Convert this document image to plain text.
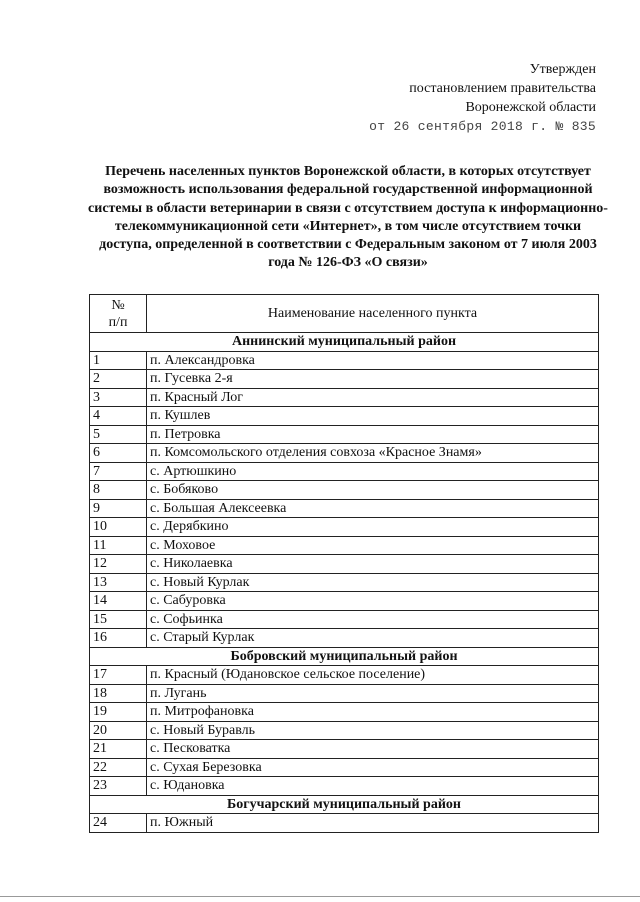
Утвержден
постановлением правительства
Воронежской области
от 26 сентября 2018 г. № 835
Перечень населенных пунктов Воронежской области, в которых отсутствует возможность использования федеральной государственной информационной системы в области ветеринарии в связи с отсутствием доступа к информационно-телекоммуникационной сети «Интернет», в том числе отсутствием точки доступа, определенной в соответствии с Федеральным законом от 7 июля 2003 года № 126-ФЗ «О связи»
№
п/п	Наименование населенного пункта
Аннинский муниципальный район	
1	п. Александровка
2	п. Гусевка 2-я
3	п. Красный Лог
4	п. Кушлев
5	п. Петровка
6	п. Комсомольского отделения совхоза «Красное Знамя»
7	с. Артюшкино
8	с. Бобяково
9	с. Большая Алексеевка
10	с. Дерябкино
11	с. Моховое
12	с. Николаевка
13	с. Новый Курлак
14	с. Сабуровка
15	с. Софьинка
16	с. Старый Курлак
Бобровский муниципальный район	
17	п. Красный (Юдановское сельское поселение)
18	п. Лугань
19	п. Митрофановка
20	с. Новый Буравль
21	с. Песковатка
22	с. Сухая Березовка
23	с. Юдановка
Богучарский муниципальный район	
24	п. Южный
